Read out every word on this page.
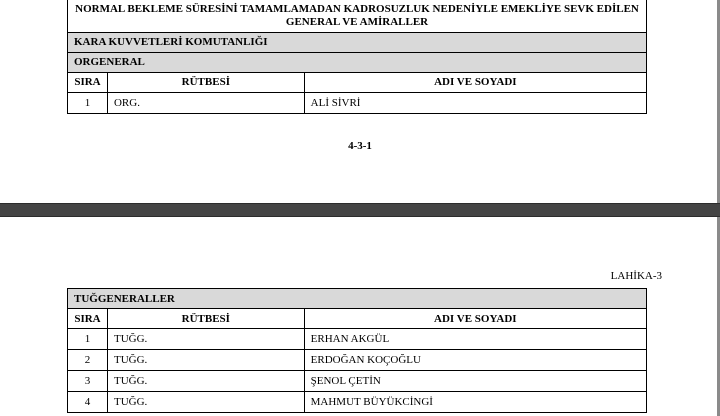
NORMAL BEKLEME SÜRESİNİ TAMAMLAMADAN KADROSUZLUK NEDENİYLE EMEKLİYE SEVK EDİLEN
GENERAL VE AMİRALLER		

KARA KUVVETLERİ KOMUTANLIĞI		
ORGENERAL		
SIRA	RÜTBESİ	ADI VE SOYADI
1	ORG.	ALİ SİVRİ
4-3-1
LAHİKA-3
TUĞGENERALLER		
SIRA	RÜTBESİ	ADI VE SOYADI
1	TUĞG.	ERHAN AKGÜL
2	TUĞG.	ERDOĞAN KOÇOĞLU
3	TUĞG.	ŞENOL ÇETİN
4	TUĞG.	MAHMUT BÜYÜKCİNGİ
